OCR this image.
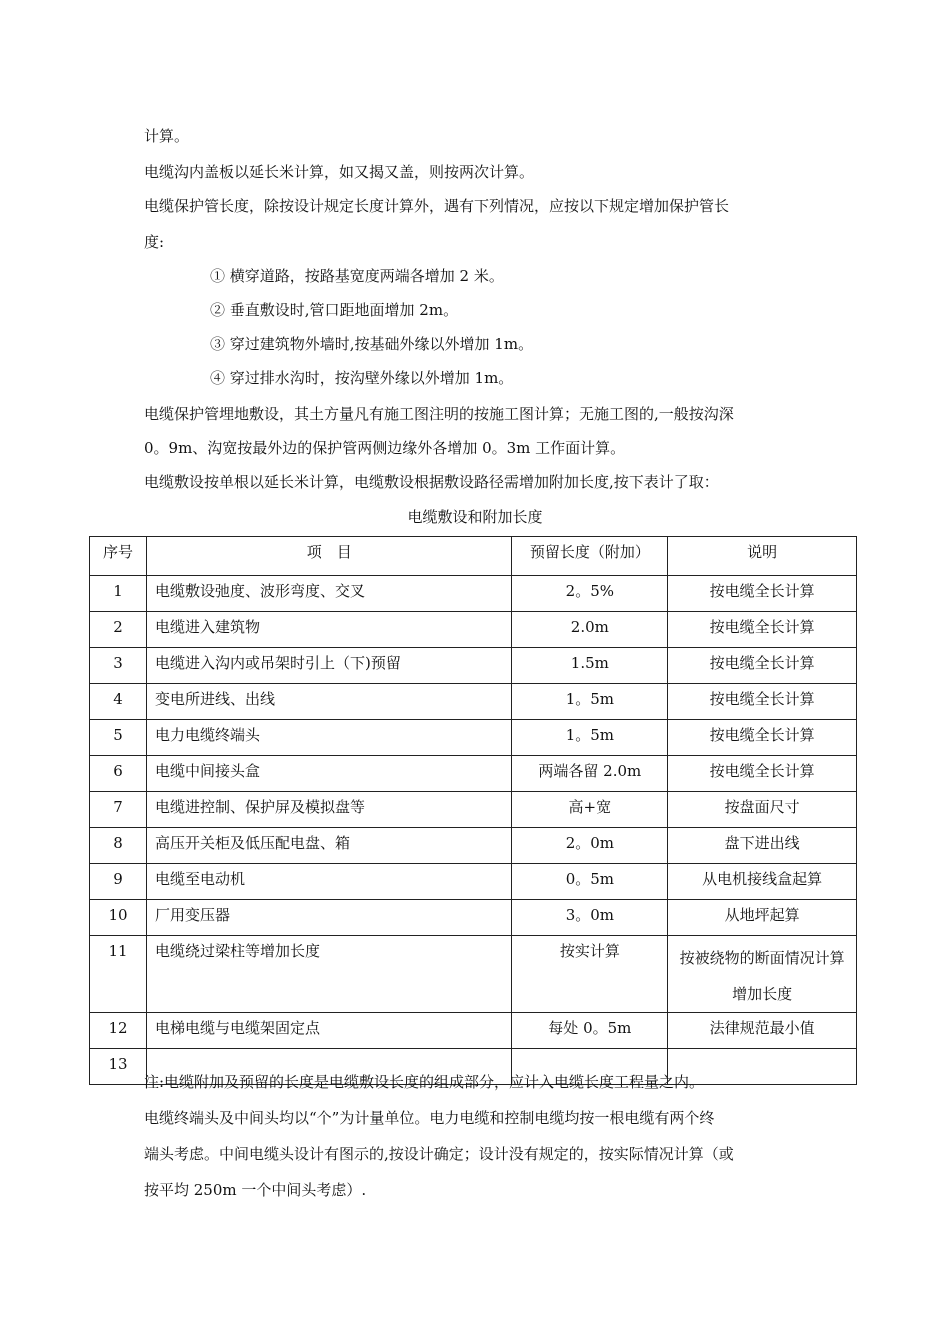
计算。
电缆沟内盖板以延长米计算，如又揭又盖，则按两次计算。
电缆保护管长度，除按设计规定长度计算外，遇有下列情况，应按以下规定增加保护管长
度:
① 横穿道路，按路基宽度两端各增加 2 米。
② 垂直敷设时,管口距地面增加 2m。
③ 穿过建筑物外墙时,按基础外缘以外增加 1m。
④ 穿过排水沟时，按沟壁外缘以外增加 1m。
电缆保护管埋地敷设，其土方量凡有施工图注明的按施工图计算；无施工图的,一般按沟深
0。9m、沟宽按最外边的保护管两侧边缘外各增加 0。3m 工作面计算。
电缆敷设按单根以延长米计算，电缆敷设根据敷设路径需增加附加长度,按下表计了取：
电缆敷设和附加长度
序号	项　目	预留长度（附加）	说明
1	电缆敷设弛度、波形弯度、交叉	2。5%	按电缆全长计算
2	电缆进入建筑物	2.0m	按电缆全长计算
3	电缆进入沟内或吊架时引上（下)预留	1.5m	按电缆全长计算
4	变电所进线、出线	1。5m	按电缆全长计算
5	电力电缆终端头	1。5m	按电缆全长计算
6	电缆中间接头盒	两端各留 2.0m	按电缆全长计算
7	电缆进控制、保护屏及模拟盘等	高+宽	按盘面尺寸
8	高压开关柜及低压配电盘、箱	2。0m	盘下进出线
9	电缆至电动机	0。5m	从电机接线盒起算
10	厂用变压器	3。0m	从地坪起算
11	电缆绕过梁柱等增加长度	按实计算	按被绕物的断面情况计算增加长度
12	电梯电缆与电缆架固定点	每处 0。5m	法律规范最小值
13			
注:电缆附加及预留的长度是电缆敷设长度的组成部分，应计入电缆长度工程量之内。
电缆终端头及中间头均以“个”为计量单位。电力电缆和控制电缆均按一根电缆有两个终
端头考虑。中间电缆头设计有图示的,按设计确定；设计没有规定的，按实际情况计算（或
按平均 250m 一个中间头考虑）.
